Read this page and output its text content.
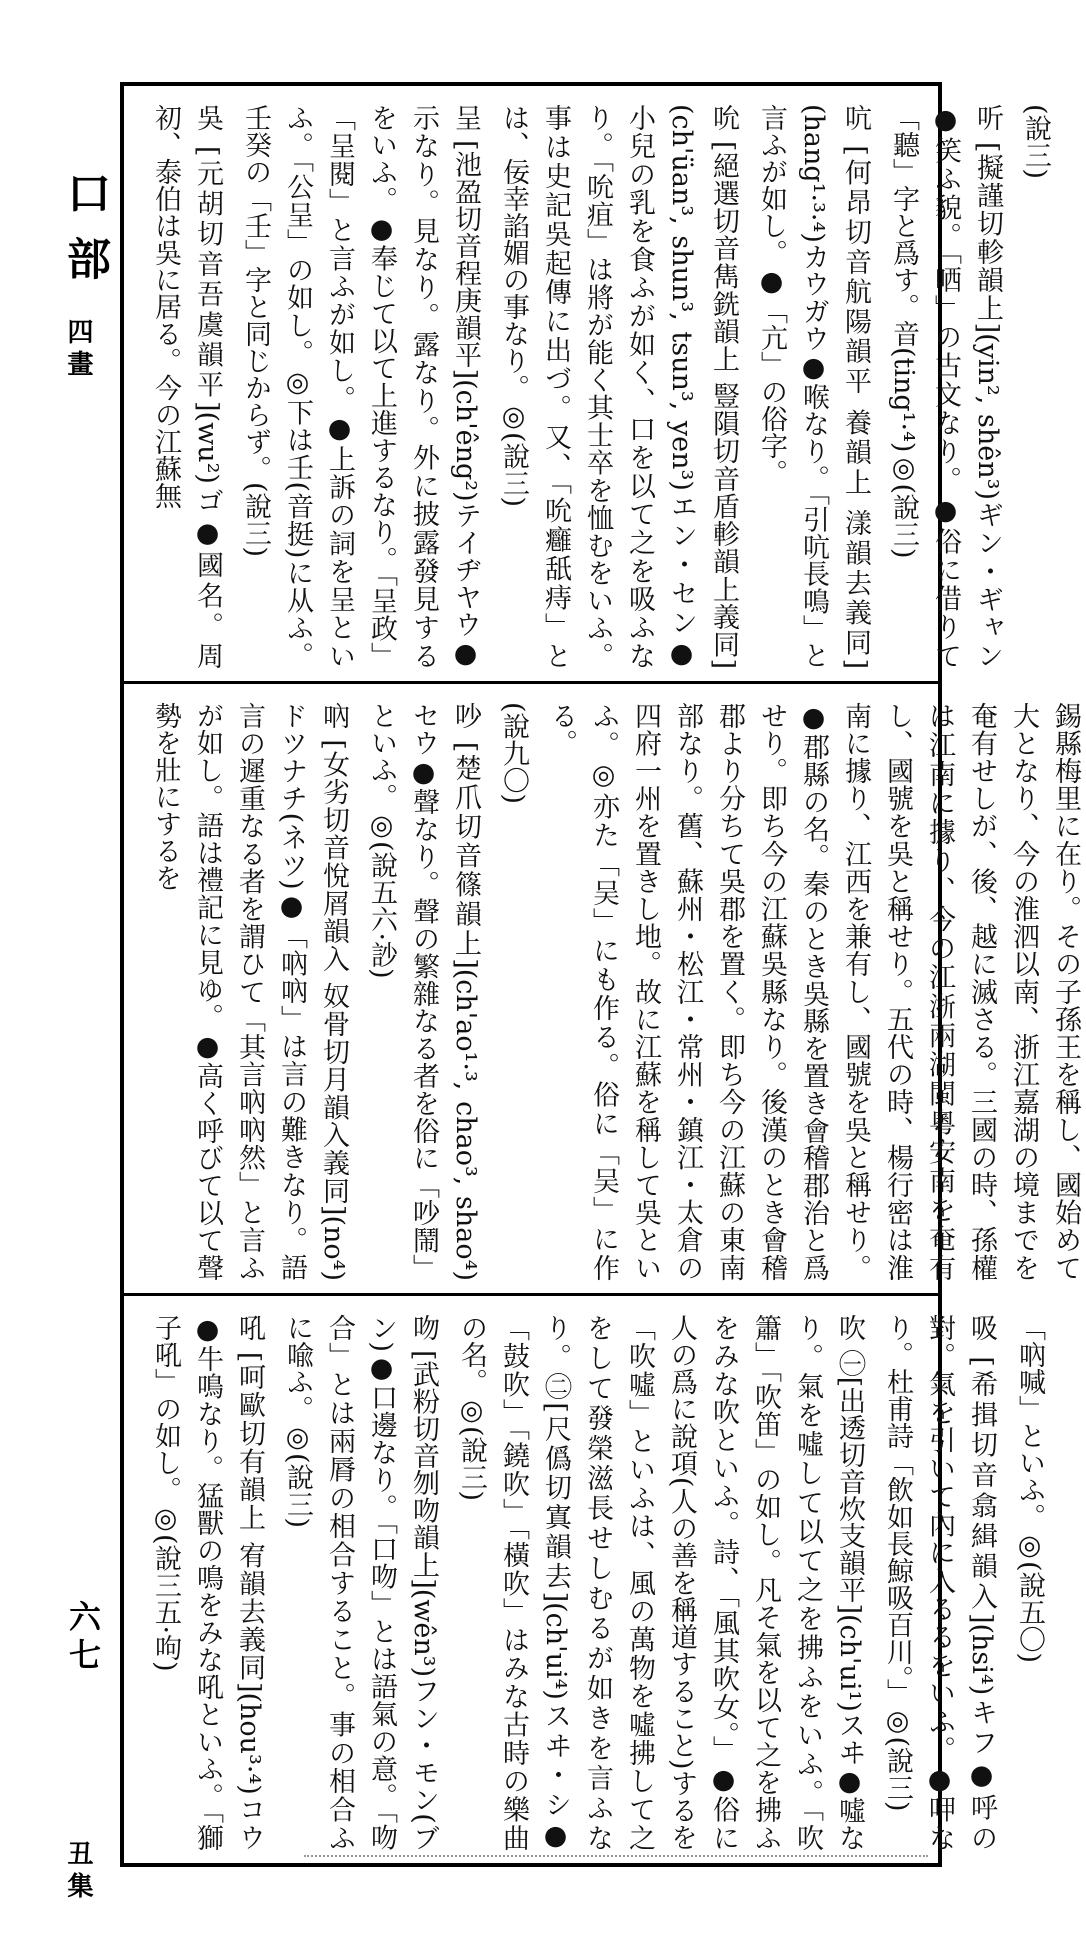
口部
四畫
六七
丑集

(說三)

听 [擬謹切軫韻上](yin², shên³)ギン・ギャン●笑ふ貌。「哂」の古文なり。●俗に借りて「聽」字と爲す。音(ting¹·⁴)◎(說三)

吭 [何昂切音航陽韻平 養韻上 漾韻去義同](hang¹·³·⁴)カウガウ●喉なり。「引吭長鳴」と言ふが如し。●「亢」の俗字。

吮 [絕選切音雋銑韻上 豎隕切音盾軫韻上義同](ch'üan³, shun³, tsun³, yen³)エン・セン●小兒の乳を食ふが如く、口を以て之を吸ふなり。「吮疽」は將が能く其士卒を恤むをいふ。事は史記吳起傳に出づ。又、「吮癰舐痔」とは、佞幸諂媚の事なり。◎(說三)

呈 [池盈切音程庚韻平](ch'êng²)テイヂヤウ●示なり。見なり。露なり。外に披露發見するをいふ。●奉じて以て上進するなり。「呈政」「呈閱」と言ふが如し。●上訴の詞を呈といふ。「公呈」の如し。◎下は壬(音挺)に从ふ。壬癸の「壬」字と同じからず。(說三)

吳 [元胡切音吾虞韻平](wu²)ゴ●國名。周初、泰伯は吳に居る。今の江蘇無

錫縣梅里に在り。その子孫王を稱し、國始めて大となり、今の淮泗以南、浙江嘉湖の境までを奄有せしが、後、越に滅さる。三國の時、孫權は江南に據り、今の江浙兩湖閩粵安南を奄有し、國號を吳と稱せり。五代の時、楊行密は淮南に據り、江西を兼有し、國號を吳と稱せり。●郡縣の名。秦のとき吳縣を置き會稽郡治と爲せり。即ち今の江蘇吳縣なり。後漢のとき會稽郡より分ちて吳郡を置く。即ち今の江蘇の東南部なり。舊、蘇州・松江・常州・鎮江・太倉の四府一州を置きし地。故に江蘇を稱して吳といふ。◎亦た「吴」にも作る。俗に「吴」に作る。

(說九〇)

吵 [楚爪切音篠韻上](ch'ao¹·³, chao³, shao⁴)セウ●聲なり。聲の繁雜なる者を俗に「吵鬧」といふ。◎(說五六·訬)

吶 [女劣切音悅屑韻入 奴骨切月韻入義同](no⁴)ドツナチ(ネツ)●「吶吶」は言の難きなり。語言の遲重なる者を謂ひて「其言吶吶然」と言ふが如し。語は禮記に見ゆ。●高く呼びて以て聲勢を壯にするを

「吶喊」といふ。◎(說五〇)

吸 [希揖切音翕緝韻入](hsi⁴)キフ●呼の對。氣を引いて內に入るるをいふ。●呷なり。杜甫詩「飲如長鯨吸百川。」◎(說三)

吹 ㊀[出透切音炊支韻平](ch'ui¹)スヰ●噓なり。氣を噓して以て之を拂ふをいふ。「吹簫」「吹笛」の如し。凡そ氣を以て之を拂ふをみな吹といふ。詩、「風其吹女。」●俗に人の爲に說項(人の善を稱道すること)するを「吹噓」といふは、風の萬物を噓拂して之をして發榮滋長せしむるが如きを言ふなり。㊁[尺僞切寘韻去](ch'ui⁴)スヰ・シ●「鼓吹」「鐃吹」「橫吹」はみな古時の樂曲の名。◎(說三)

吻 [武粉切音刎吻韻上](wên³)フン・モン(ブン)●口邊なり。「口吻」とは語氣の意。「吻合」とは兩脣の相合すること。事の相合ふに喩ふ。◎(說三)

吼 [呵歐切有韻上 宥韻去義同](hou³·⁴)コウ●牛鳴なり。猛獸の鳴をみな吼といふ。「獅子吼」の如し。◎(說三五·呴)
